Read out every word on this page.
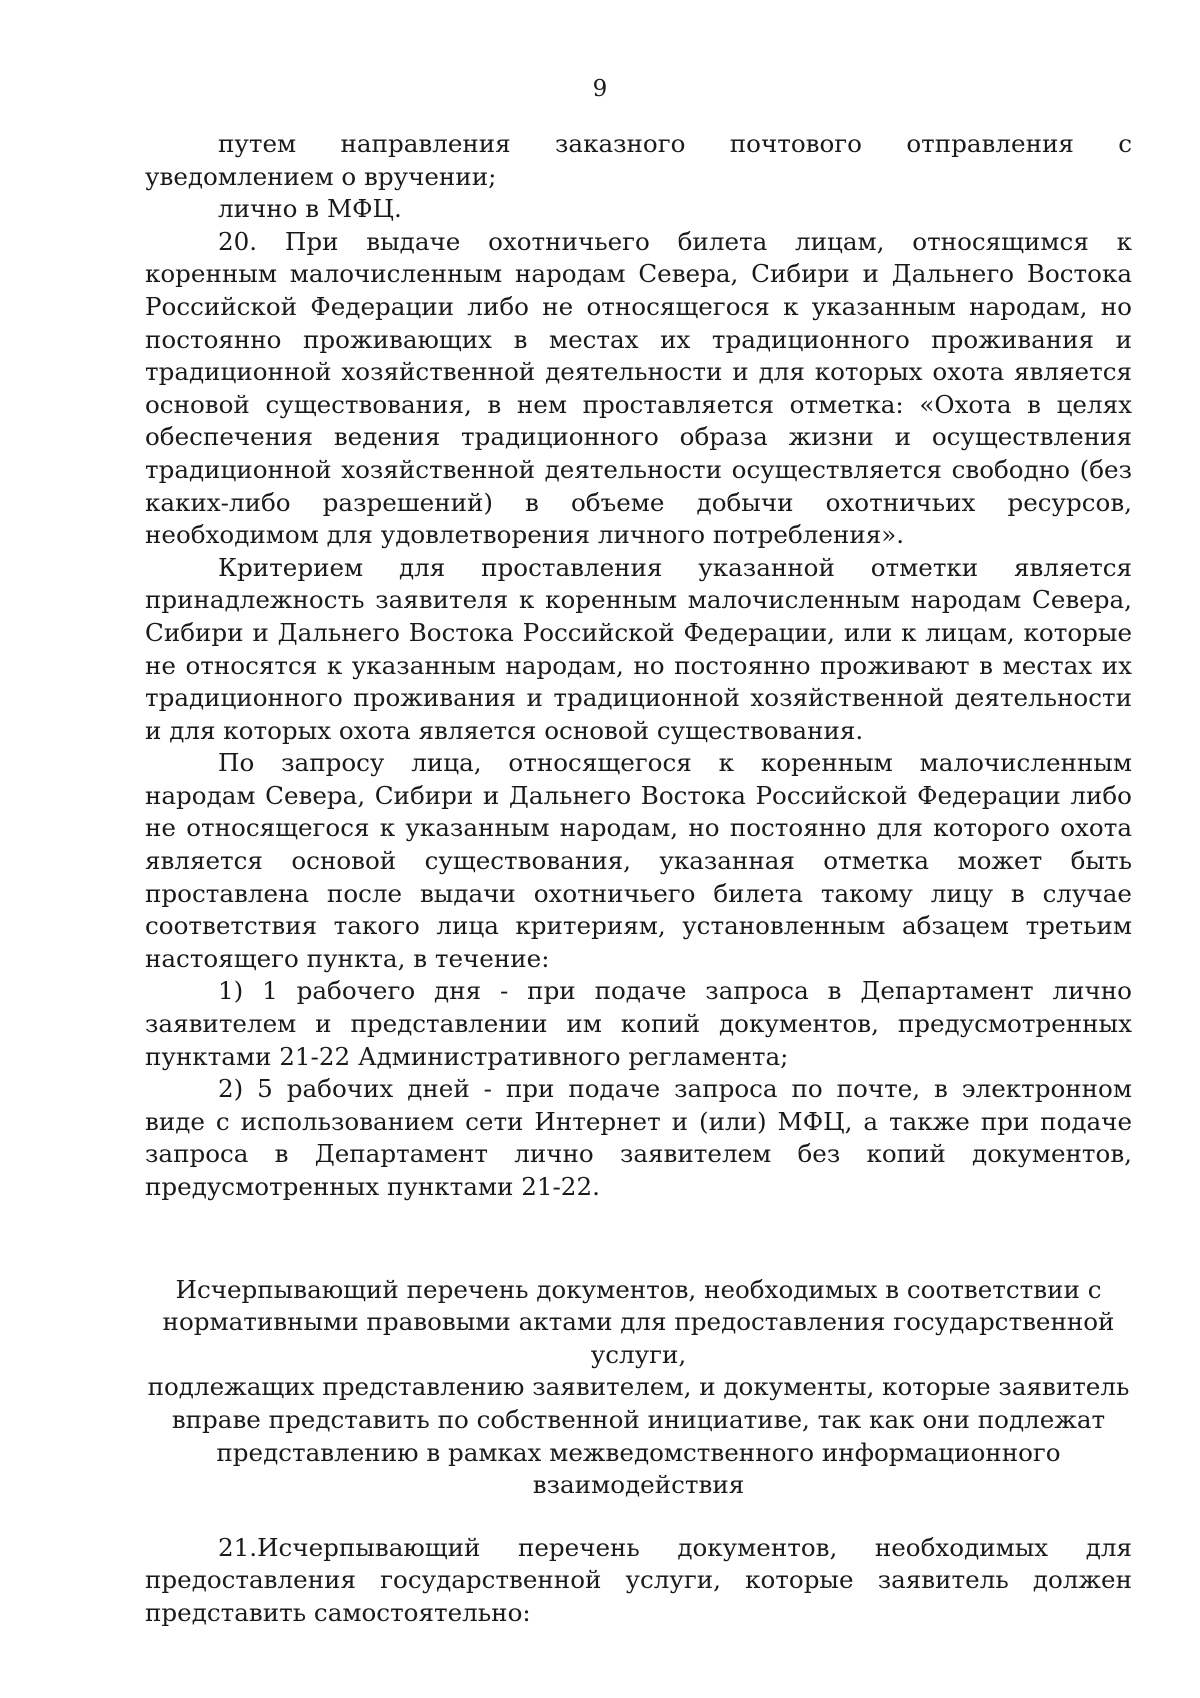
9

путем направления заказного почтового отправления с уведомлением о вручении;

лично в МФЦ.

20. При выдаче охотничьего билета лицам, относящимся к коренным малочисленным народам Севера, Сибири и Дальнего Востока Российской Федерации либо не относящегося к указанным народам, но постоянно проживающих в местах их традиционного проживания и традиционной хозяйственной деятельности и для которых охота является основой существования, в нем проставляется отметка: «Охота в целях обеспечения ведения традиционного образа жизни и осуществления традиционной хозяйственной деятельности осуществляется свободно (без каких-либо разрешений) в объеме добычи охотничьих ресурсов, необходимом для удовлетворения личного потребления».

Критерием для проставления указанной отметки является принадлежность заявителя к коренным малочисленным народам Севера, Сибири и Дальнего Востока Российской Федерации, или к лицам, которые не относятся к указанным народам, но постоянно проживают в местах их традиционного проживания и традиционной хозяйственной деятельности и для которых охота является основой существования.

По запросу лица, относящегося к коренным малочисленным народам Севера, Сибири и Дальнего Востока Российской Федерации либо не относящегося к указанным народам, но постоянно для которого охота является основой существования, указанная отметка может быть проставлена после выдачи охотничьего билета такому лицу в случае соответствия такого лица критериям, установленным абзацем третьим настоящего пункта, в течение:

1) 1 рабочего дня - при подаче запроса в Департамент лично заявителем и представлении им копий документов, предусмотренных пунктами 21-22 Административного регламента;

2) 5 рабочих дней - при подаче запроса по почте, в электронном виде с использованием сети Интернет и (или) МФЦ, а также при подаче запроса в Департамент лично заявителем без копий документов, предусмотренных пунктами 21-22.

Исчерпывающий перечень документов, необходимых в соответствии с
нормативными правовыми актами для предоставления государственной услуги,
подлежащих представлению заявителем, и документы, которые заявитель
вправе представить по собственной инициативе, так как они подлежат
представлению в рамках межведомственного информационного
взаимодействия

21.Исчерпывающий перечень документов, необходимых для предоставления государственной услуги, которые заявитель должен представить самостоятельно:
